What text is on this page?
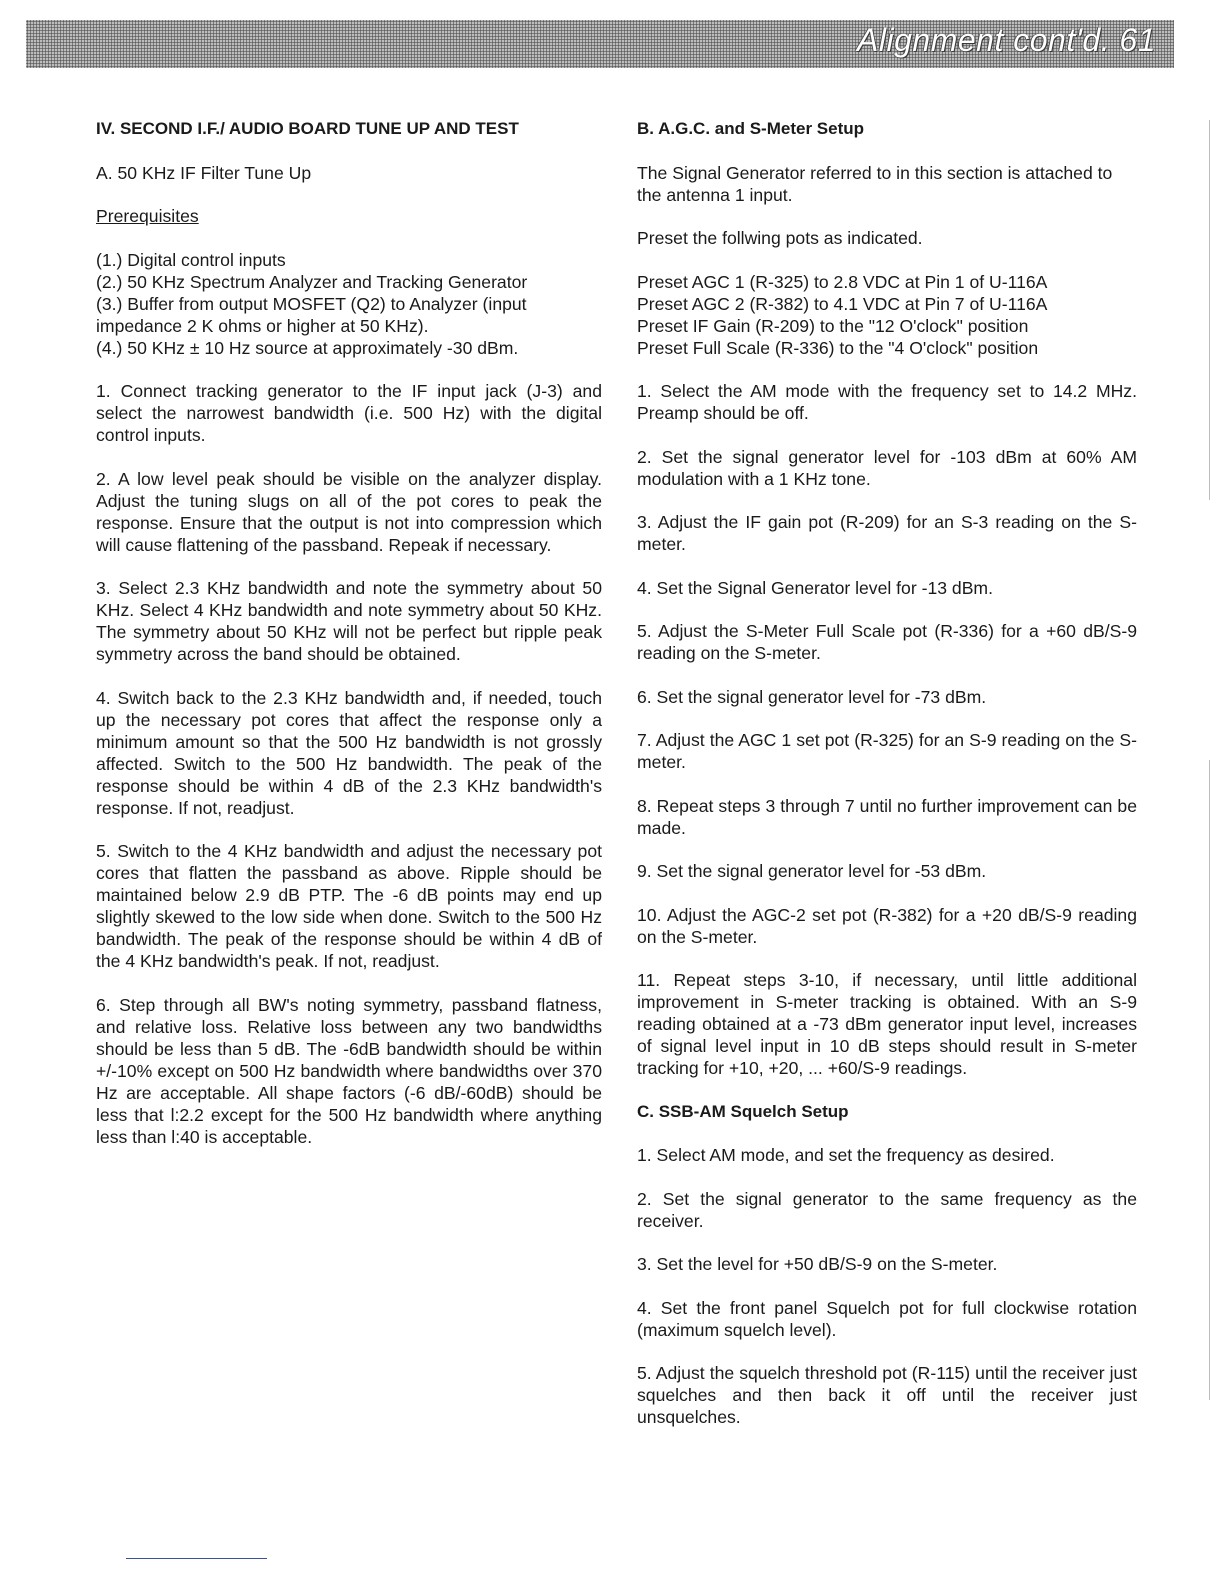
Alignment cont'd. 61

IV. SECOND I.F./ AUDIO BOARD TUNE UP AND TEST

A. 50 KHz IF Filter Tune Up

Prerequisites

(1.) Digital control inputs
(2.) 50 KHz Spectrum Analyzer and Tracking Generator
(3.) Buffer from output MOSFET (Q2) to Analyzer (input impedance 2 K ohms or higher at 50 KHz).
(4.) 50 KHz ± 10 Hz source at approximately -30 dBm.

1. Connect tracking generator to the IF input jack (J-3) and select the narrowest bandwidth (i.e. 500 Hz) with the digital control inputs.

2. A low level peak should be visible on the analyzer display. Adjust the tuning slugs on all of the pot cores to peak the response. Ensure that the output is not into compression which will cause flattening of the passband. Repeak if necessary.

3. Select 2.3 KHz bandwidth and note the symmetry about 50 KHz. Select 4 KHz bandwidth and note symmetry about 50 KHz. The symmetry about 50 KHz will not be perfect but ripple peak symmetry across the band should be obtained.

4. Switch back to the 2.3 KHz bandwidth and, if needed, touch up the necessary pot cores that affect the response only a minimum amount so that the 500 Hz bandwidth is not grossly affected. Switch to the 500 Hz bandwidth. The peak of the response should be within 4 dB of the 2.3 KHz bandwidth's response. If not, readjust.

5. Switch to the 4 KHz bandwidth and adjust the necessary pot cores that flatten the passband as above. Ripple should be maintained below 2.9 dB PTP. The -6 dB points may end up slightly skewed to the low side when done. Switch to the 500 Hz bandwidth. The peak of the response should be within 4 dB of the 4 KHz bandwidth's peak. If not, readjust.

6. Step through all BW's noting symmetry, passband flatness, and relative loss. Relative loss between any two bandwidths should be less than 5 dB. The -6dB bandwidth should be within +/-10% except on 500 Hz bandwidth where bandwidths over 370 Hz are acceptable. All shape factors (-6 dB/-60dB) should be less that l:2.2 except for the 500 Hz bandwidth where anything less than l:40 is acceptable.

B. A.G.C. and S-Meter Setup

The Signal Generator referred to in this section is attached to the antenna 1 input.

Preset the follwing pots as indicated.

Preset AGC 1 (R-325) to 2.8 VDC at Pin 1 of U-116A
Preset AGC 2 (R-382) to 4.1 VDC at Pin 7 of U-116A
Preset IF Gain (R-209) to the "12 O'clock" position
Preset Full Scale (R-336) to the "4 O'clock" position

1. Select the AM mode with the frequency set to 14.2 MHz. Preamp should be off.

2. Set the signal generator level for -103 dBm at 60% AM modulation with a 1 KHz tone.

3. Adjust the IF gain pot (R-209) for an S-3 reading on the S-meter.

4. Set the Signal Generator level for -13 dBm.

5. Adjust the S-Meter Full Scale pot (R-336) for a +60 dB/S-9 reading on the S-meter.

6. Set the signal generator level for -73 dBm.

7. Adjust the AGC 1 set pot (R-325) for an S-9 reading on the S-meter.

8. Repeat steps 3 through 7 until no further improvement can be made.

9. Set the signal generator level for -53 dBm.

10. Adjust the AGC-2 set pot (R-382) for a +20 dB/S-9 reading on the S-meter.

11. Repeat steps 3-10, if necessary, until little additional improvement in S-meter tracking is obtained. With an S-9 reading obtained at a -73 dBm generator input level, increases of signal level input in 10 dB steps should result in S-meter tracking for +10, +20, ... +60/S-9 readings.

C. SSB-AM Squelch Setup

1. Select AM mode, and set the frequency as desired.

2. Set the signal generator to the same frequency as the receiver.

3. Set the level for +50 dB/S-9 on the S-meter.

4. Set the front panel Squelch pot for full clockwise rotation (maximum squelch level).

5. Adjust the squelch threshold pot (R-115) until the receiver just squelches and then back it off until the receiver just unsquelches.
